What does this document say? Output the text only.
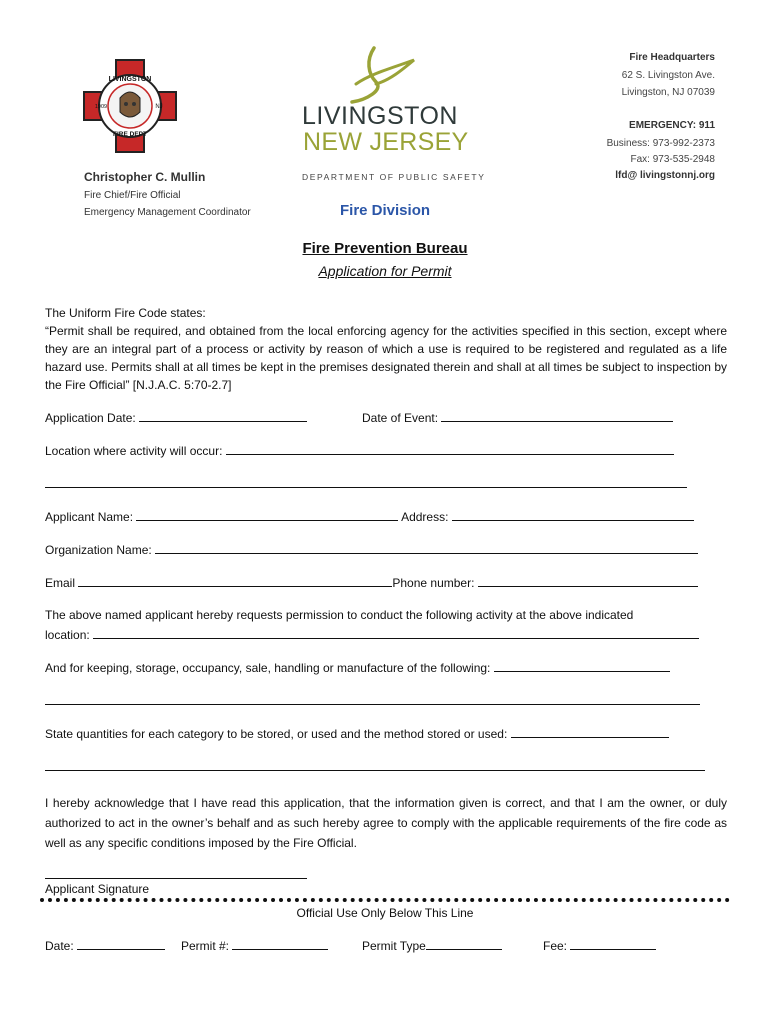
LIVINGSTON
FIRE DEPT
1909	NJ
Christopher C. Mullin
Fire Chief/Fire Official
Emergency Management Coordinator
LIVINGSTON
NEW JERSEY
DEPARTMENT OF PUBLIC SAFETY
Fire Division
Fire Headquarters
62 S. Livingston Ave.
Livingston, NJ 07039
EMERGENCY: 911
Business: 973-992-2373
Fax: 973-535-2948
lfd@ livingstonnj.org
Fire Prevention Bureau
Application for Permit
The Uniform Fire Code states:
“Permit shall be required, and obtained from the local enforcing agency for the activities specified in this section, except where they are an integral part of a process or activity by reason of which a use is required to be registered and regulated as a life hazard use. Permits shall at all times be kept in the premises designated therein and shall at all times be subject to inspection by the Fire Official” [N.J.A.C. 5:70-2.7]
Application Date:	Date of Event:
Location where activity will occur:
Applicant Name:	Address:
Organization Name:
Email	Phone number:
The above named applicant hereby requests permission to conduct the following activity at the above indicated
location:
And for keeping, storage, occupancy, sale, handling or manufacture of the following:
State quantities for each category to be stored, or used and the method stored or used:
I hereby acknowledge that I have read this application, that the information given is correct, and that I am the owner, or duly authorized to act in the owner’s behalf and as such hereby agree to comply with the applicable requirements of the fire code as well as any specific conditions imposed by the Fire Official.
Applicant Signature
Official Use Only Below This Line
Date:	Permit #:	Permit Type	Fee:
